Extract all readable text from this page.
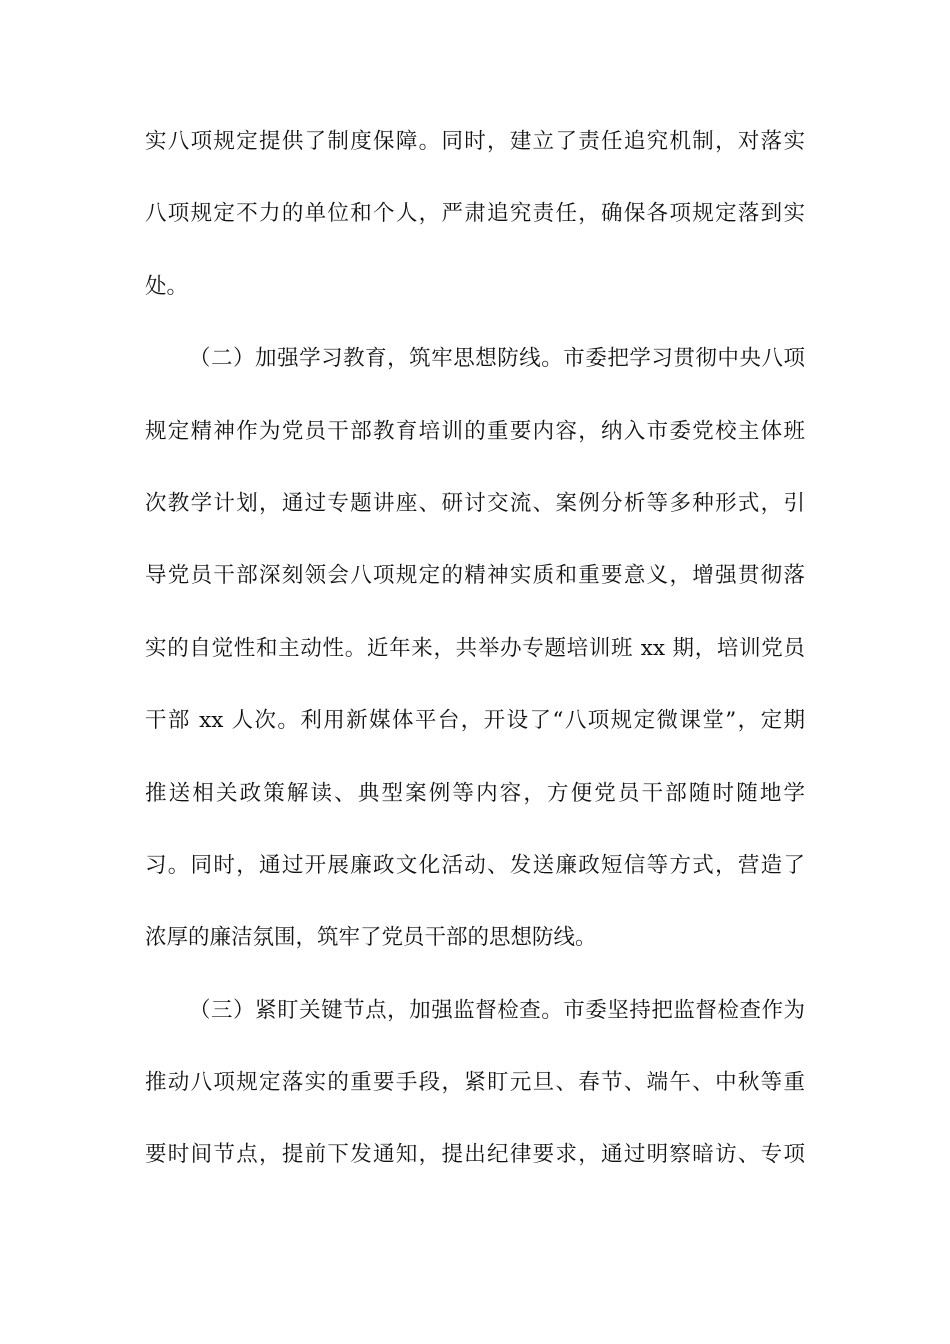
实八项规定提供了制度保障。同时，建立了责任追究机制，对落实
八项规定不力的单位和个人，严肃追究责任，确保各项规定落到实
处。
（二）加强学习教育，筑牢思想防线。市委把学习贯彻中央八项
规定精神作为党员干部教育培训的重要内容，纳入市委党校主体班
次教学计划，通过专题讲座、研讨交流、案例分析等多种形式，引
导党员干部深刻领会八项规定的精神实质和重要意义，增强贯彻落
实的自觉性和主动性。近年来，共举办专题培训班 xx 期，培训党员
干部 xx 人次。利用新媒体平台，开设了“八项规定微课堂”，定期
推送相关政策解读、典型案例等内容，方便党员干部随时随地学
习。同时，通过开展廉政文化活动、发送廉政短信等方式，营造了
浓厚的廉洁氛围，筑牢了党员干部的思想防线。
（三）紧盯关键节点，加强监督检查。市委坚持把监督检查作为
推动八项规定落实的重要手段，紧盯元旦、春节、端午、中秋等重
要时间节点，提前下发通知，提出纪律要求，通过明察暗访、专项
